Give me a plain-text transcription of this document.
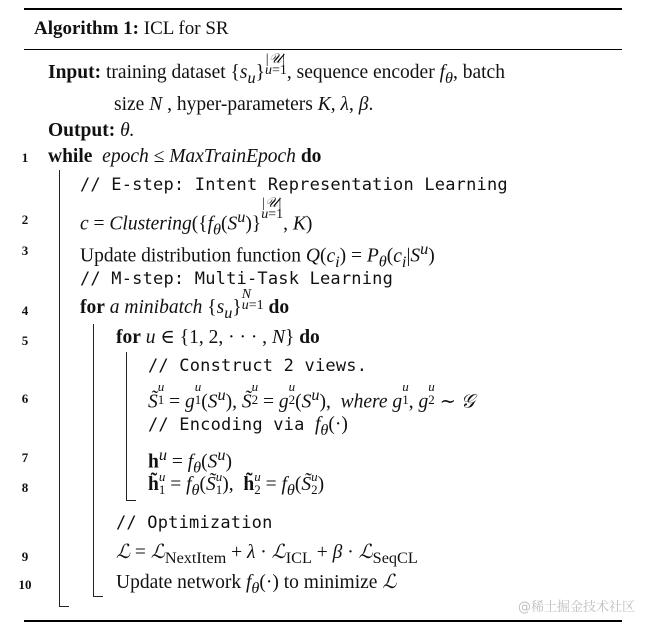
Algorithm 1: ICL for SR
Input: training dataset $\{s_u\}|𝒰|$
u=1, sequence encoder $f_\theta$, batch
size N , hyper-parameters K, λ, β.
Output: θ.
1
2
3
4
5
6
7
8
9
10
while epoch ≤ MaxTrainEpoch do
// E-step: Intent Representation Learning
$c = Clustering(\{f_\theta(S^u)\}|𝒰|$
u=1, K)
Update distribution function $Q(c_i) = P_\theta(c_i|S^u)$
// M-step: Multi-Task Learning
for a minibatch $\{s_u\}N$
u=1 do
for u ∈ {1, 2, · · · , N} do
// Construct 2 views.
S̃u
1 = gu
$1(S^u)$, S̃u
2 = gu
$2(S^u)$,  where gu
1, gu
2 ∼ 𝒢
// Encoding via $f_\theta(\cdot)$
$h^u = f_\theta(S^u)$
h̃u
$1 = f_\theta(S̃u$
1),  h̃u
$2 = f_\theta(S̃u$
2)
// Optimization
ℒ = ℒ$_{NextItem}$ + λ · ℒ$_{ICL}$ + β · ℒ$_{SeqCL}$
Update network $f_\theta(\cdot)$ to minimize ℒ
@稀土掘金技术社区
